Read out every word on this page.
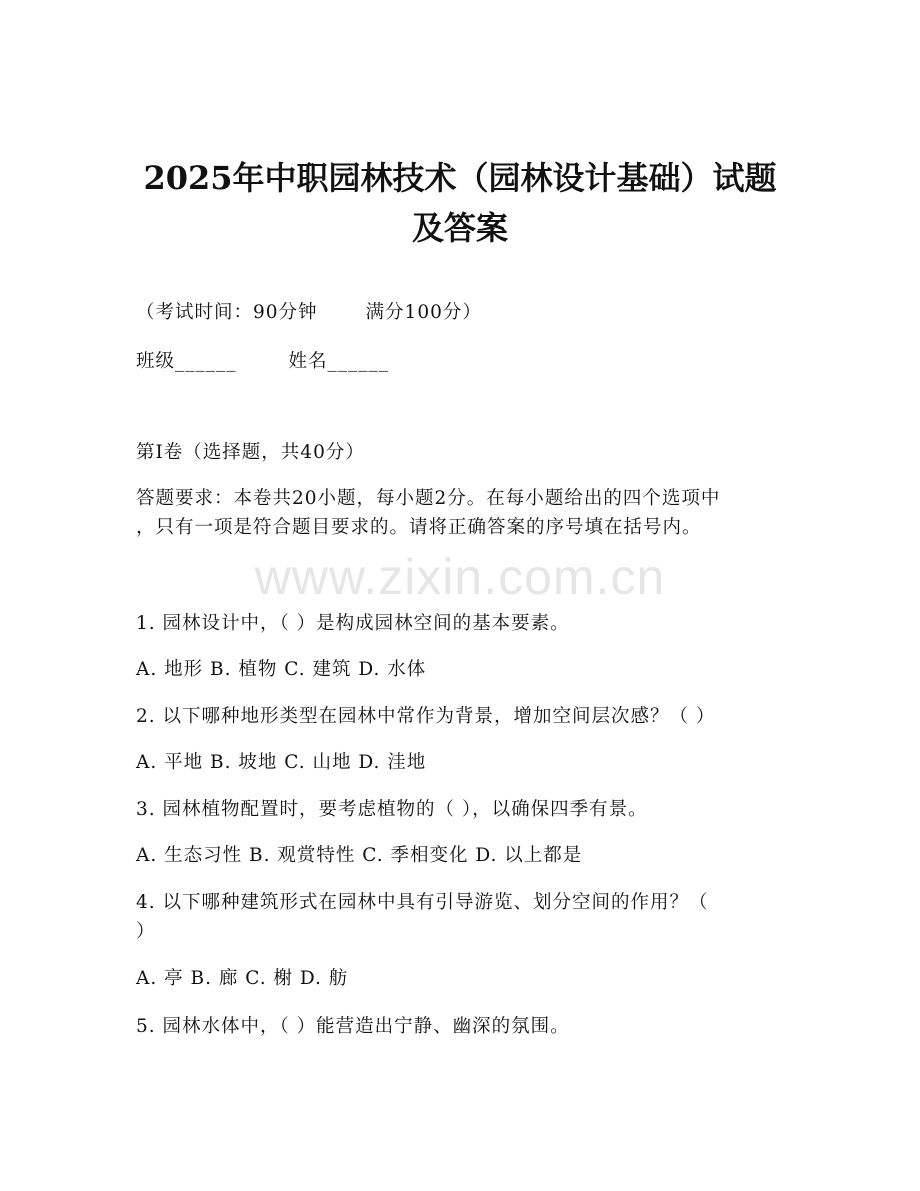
2025年中职园林技术（园林设计基础）试题
及答案
（考试时间：90分钟	满分100分）
班级______	姓名______
第I卷（选择题，共40分）
答题要求：本卷共20小题，每小题2分。在每小题给出的四个选项中
，只有一项是符合题目要求的。请将正确答案的序号填在括号内。
www.zixin.com.cn
1. 园林设计中，（ ）是构成园林空间的基本要素。
A. 地形 B. 植物 C. 建筑 D. 水体
2. 以下哪种地形类型在园林中常作为背景，增加空间层次感？（ ）
A. 平地 B. 坡地 C. 山地 D. 洼地
3. 园林植物配置时，要考虑植物的（ ），以确保四季有景。
A. 生态习性 B. 观赏特性 C. 季相变化 D. 以上都是
4. 以下哪种建筑形式在园林中具有引导游览、划分空间的作用？（
）
A. 亭 B. 廊 C. 榭 D. 舫
5. 园林水体中，（ ）能营造出宁静、幽深的氛围。
